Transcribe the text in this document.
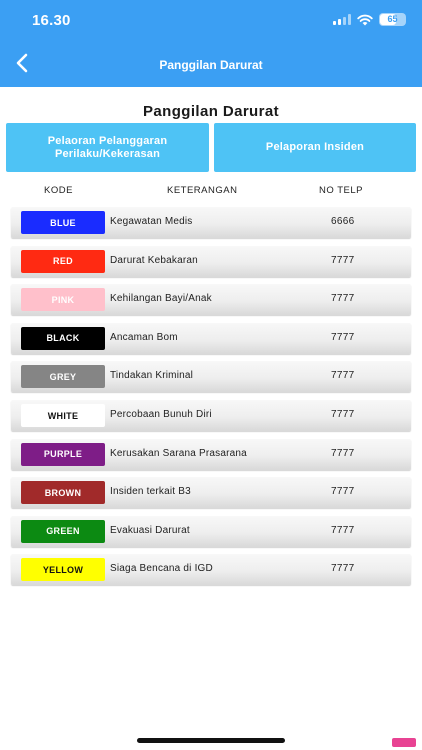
16.30	65
Panggilan Darurat
Panggilan Darurat
Pelaoran Pelanggaran Perilaku/Kekerasan
Pelaporan Insiden
KODE	KETERANGAN	NO TELP
BLUE	Kegawatan Medis	6666
RED	Darurat Kebakaran	7777
PINK	Kehilangan Bayi/Anak	7777
BLACK	Ancaman Bom	7777
GREY	Tindakan Kriminal	7777
WHITE	Percobaan Bunuh Diri	7777
PURPLE	Kerusakan Sarana Prasarana	7777
BROWN	Insiden terkait B3	7777
GREEN	Evakuasi Darurat	7777
YELLOW	Siaga Bencana di IGD	7777
